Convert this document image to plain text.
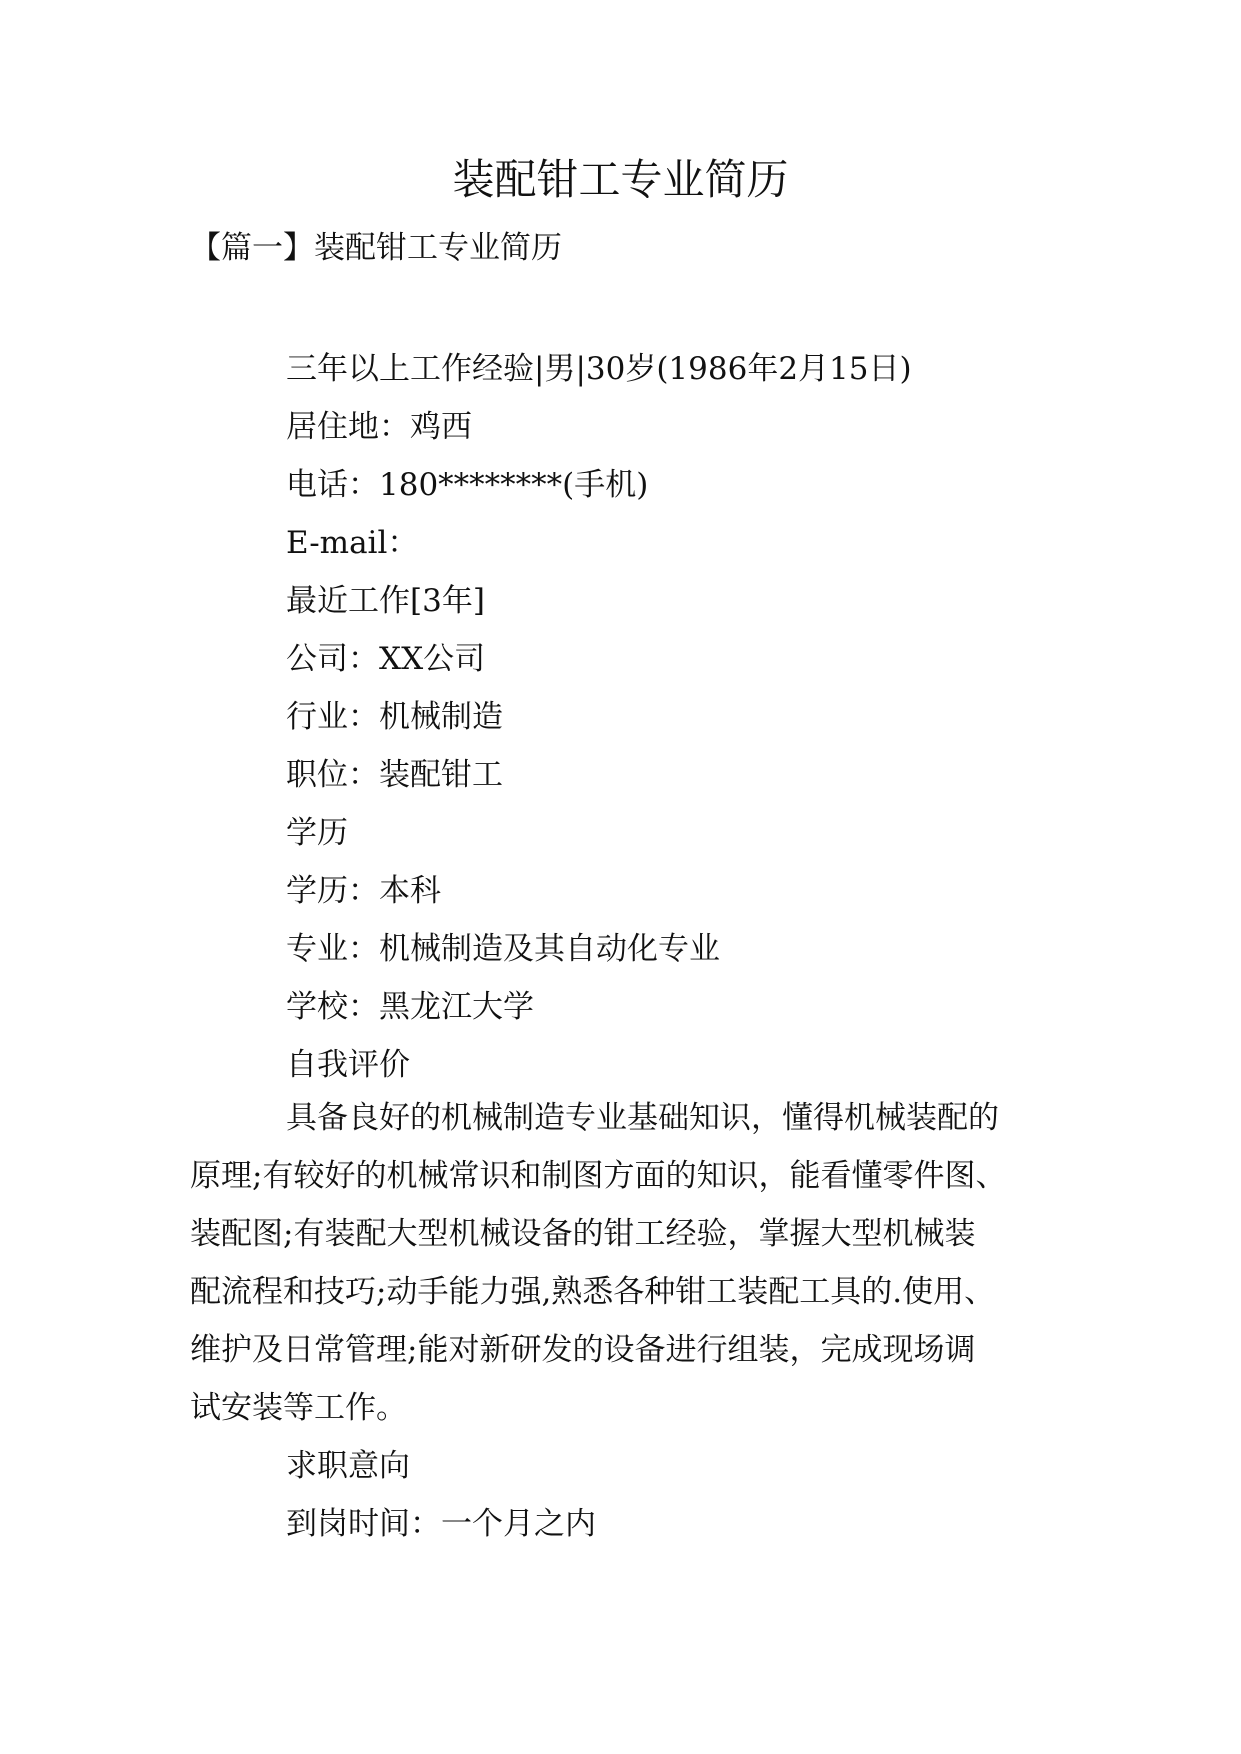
装配钳工专业简历

【篇一】装配钳工专业简历

三年以上工作经验|男|30岁(1986年2月15日)
居住地：鸡西
电话：180********(手机)
E-mail：
最近工作[3年]
公司：XX公司
行业：机械制造
职位：装配钳工
学历
学历：本科
专业：机械制造及其自动化专业
学校：黑龙江大学
自我评价
具备良好的机械制造专业基础知识，懂得机械装配的
原理;有较好的机械常识和制图方面的知识，能看懂零件图、
装配图;有装配大型机械设备的钳工经验，掌握大型机械装
配流程和技巧;动手能力强,熟悉各种钳工装配工具的.使用、
维护及日常管理;能对新研发的设备进行组装，完成现场调
试安装等工作。
求职意向
到岗时间：一个月之内
